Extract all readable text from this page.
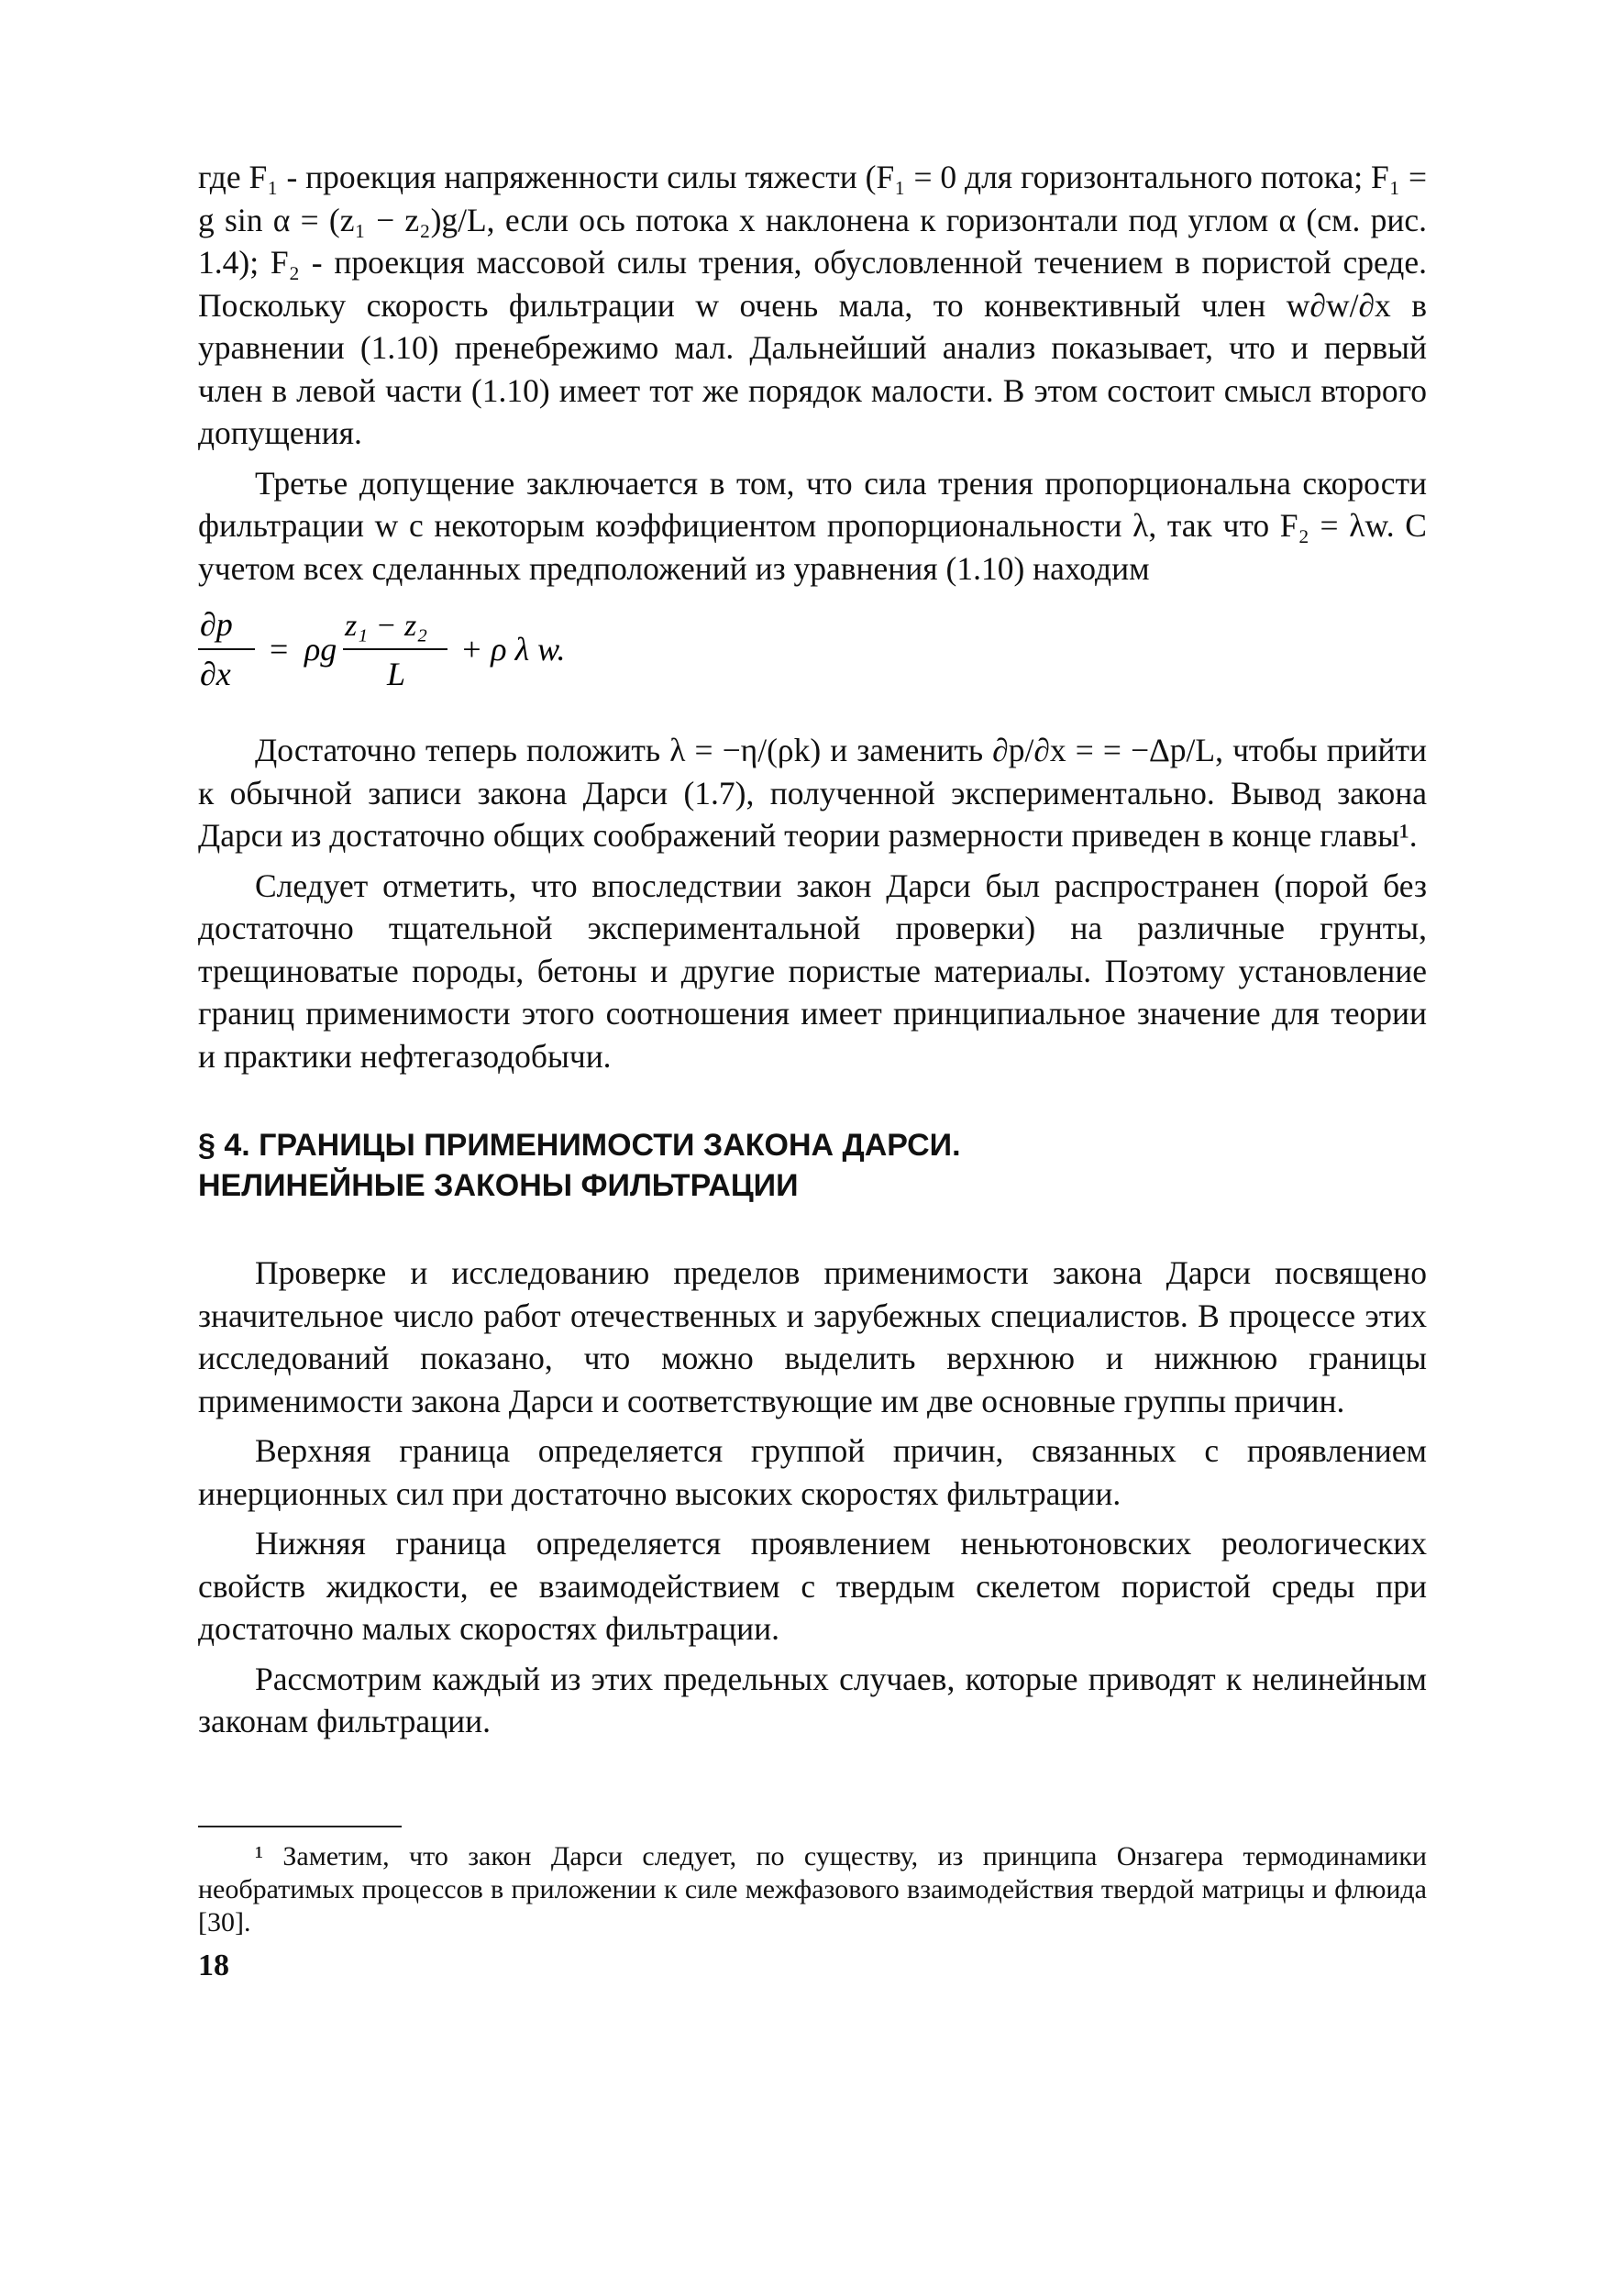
где F₁ - проекция напряженности силы тяжести (F₁ = 0 для горизонтального потока; F₁ = g sin α = (z₁ − z₂)g/L, если ось потока x наклонена к горизонтали под углом α (см. рис. 1.4); F₂ - проекция массовой силы трения, обусловленной течением в пористой среде. Поскольку скорость фильтрации w очень мала, то конвективный член w∂w/∂x в уравнении (1.10) пренебрежимо мал. Дальнейший анализ показывает, что и первый член в левой части (1.10) имеет тот же порядок малости. В этом состоит смысл второго допущения.

Третье допущение заключается в том, что сила трения пропорциональна скорости фильтрации w с некоторым коэффициентом пропорциональности λ, так что F₂ = λw. С учетом всех сделанных предположений из уравнения (1.10) находим

∂p
∂x
= ρg
z₁ − z₂
L
+ ρ λ w.

Достаточно теперь положить λ = −η/(ρk) и заменить ∂p/∂x = = −Δp/L, чтобы прийти к обычной записи закона Дарси (1.7), полученной экспериментально. Вывод закона Дарси из достаточно общих соображений теории размерности приведен в конце главы¹.

Следует отметить, что впоследствии закон Дарси был распространен (порой без достаточно тщательной экспериментальной проверки) на различные грунты, трещиноватые породы, бетоны и другие пористые материалы. Поэтому установление границ применимости этого соотношения имеет принципиальное значение для теории и практики нефтегазодобычи.

§ 4. ГРАНИЦЫ ПРИМЕНИМОСТИ ЗАКОНА ДАРСИ.
НЕЛИНЕЙНЫЕ ЗАКОНЫ ФИЛЬТРАЦИИ

Проверке и исследованию пределов применимости закона Дарси посвящено значительное число работ отечественных и зарубежных специалистов. В процессе этих исследований показано, что можно выделить верхнюю и нижнюю границы применимости закона Дарси и соответствующие им две основные группы причин.

Верхняя граница определяется группой причин, связанных с проявлением инерционных сил при достаточно высоких скоростях фильтрации.

Нижняя граница определяется проявлением неньютоновских реологических свойств жидкости, ее взаимодействием с твердым скелетом пористой среды при достаточно малых скоростях фильтрации.

Рассмотрим каждый из этих предельных случаев, которые приводят к нелинейным законам фильтрации.

¹ Заметим, что закон Дарси следует, по существу, из принципа Онзагера термодинамики необратимых процессов в приложении к силе межфазового взаимодействия твердой матрицы и флюида [30].

18
